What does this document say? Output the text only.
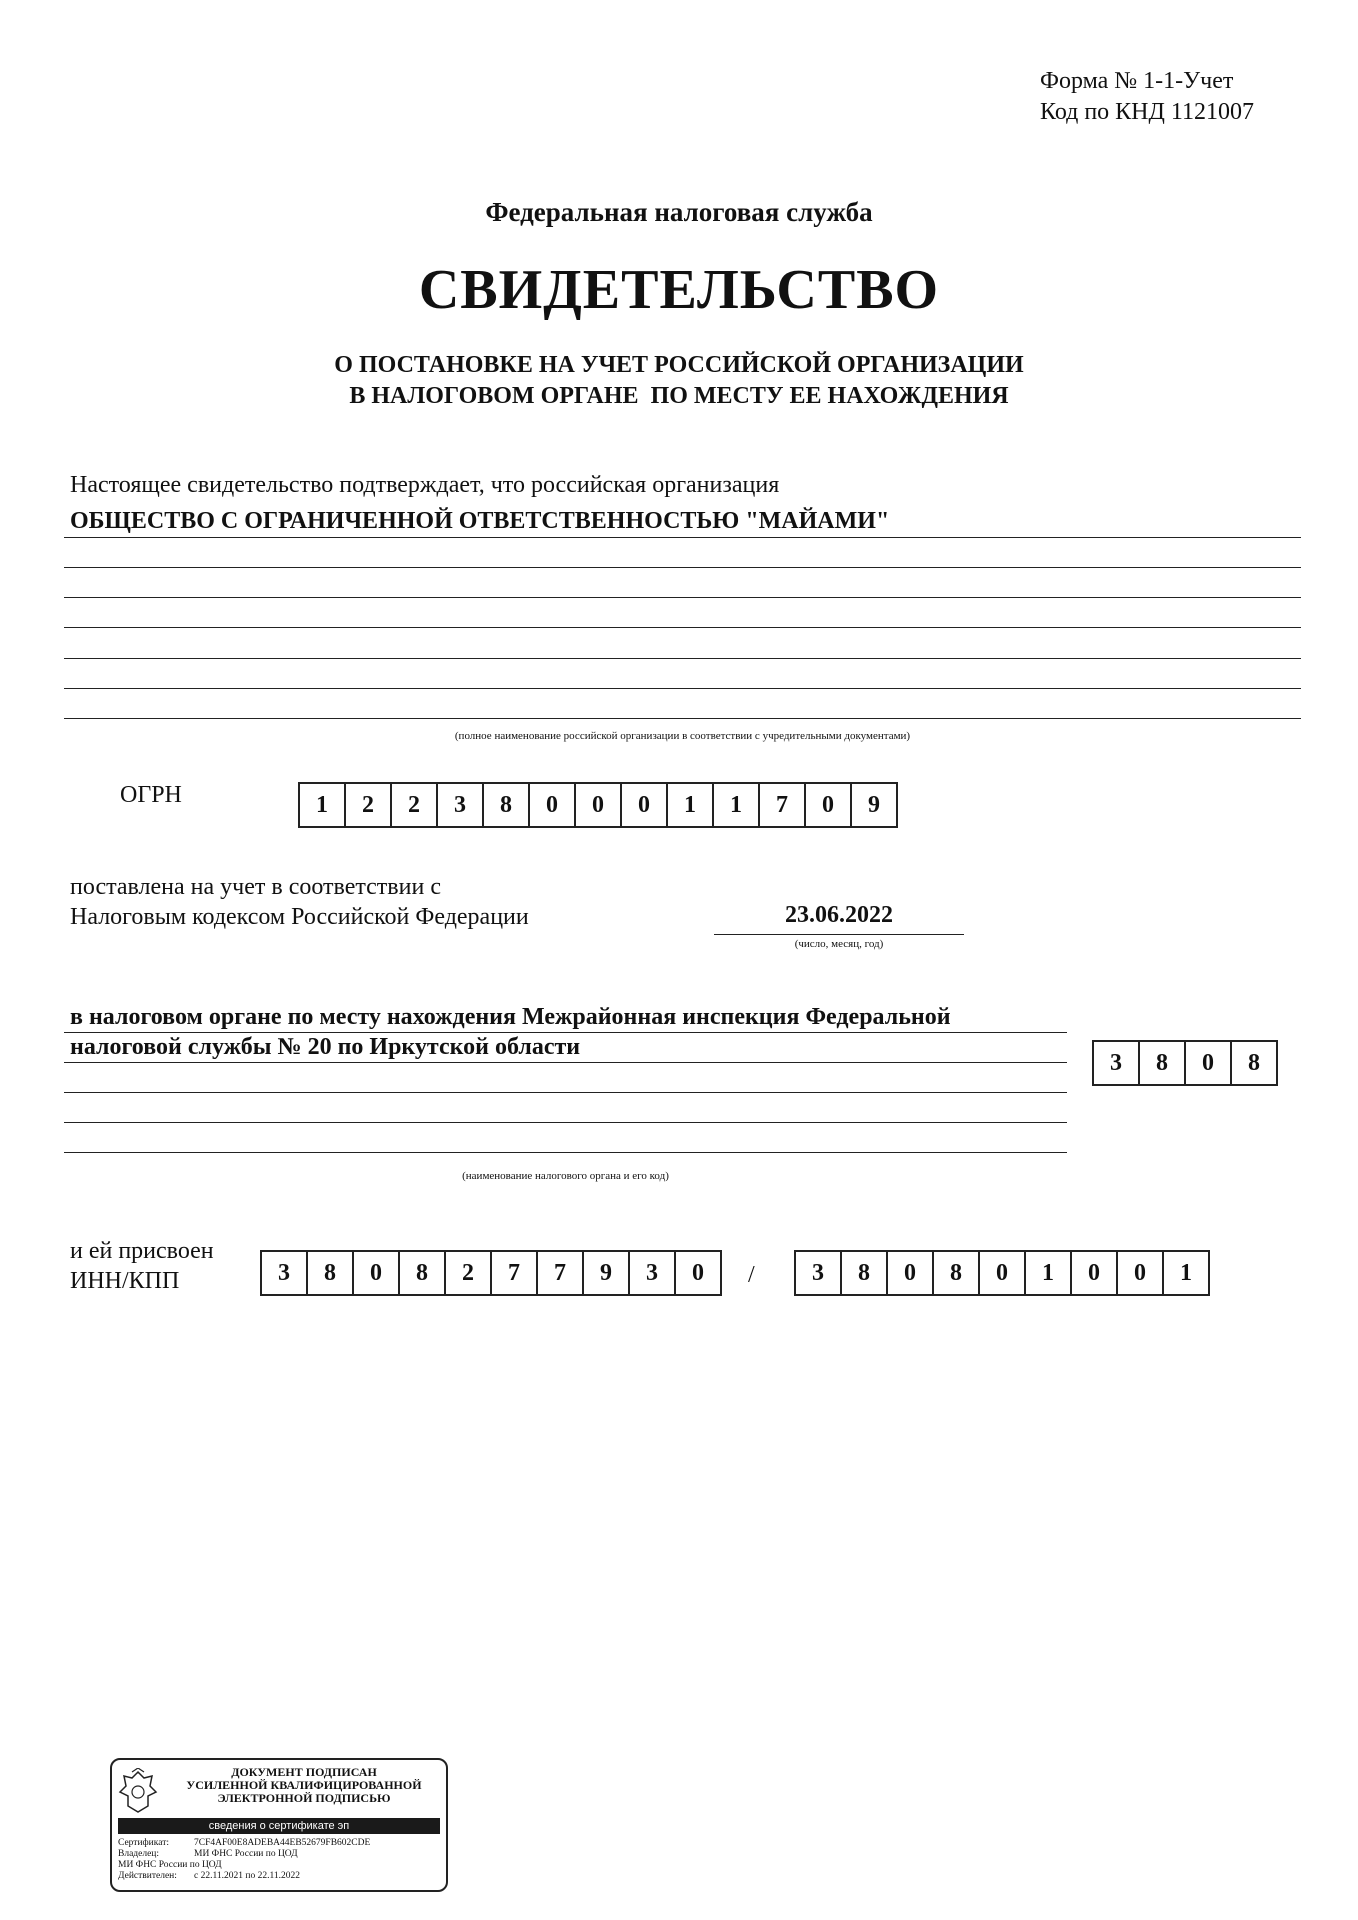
Форма № 1-1-Учет
Код по КНД 1121007
Федеральная налоговая служба
СВИДЕТЕЛЬСТВО
О ПОСТАНОВКЕ НА УЧЕТ РОССИЙСКОЙ ОРГАНИЗАЦИИ
В НАЛОГОВОМ ОРГАНЕ  ПО МЕСТУ ЕЕ НАХОЖДЕНИЯ
Настоящее свидетельство подтверждает, что российская организация
ОБЩЕСТВО С ОГРАНИЧЕННОЙ ОТВЕТСТВЕННОСТЬЮ "МАЙАМИ"
(полное наименование российской организации в соответствии с учредительными документами)
ОГРН	1	2	2	3	8	0	0	0	1	1	7	0	9
поставлена на учет в соответствии с
Налоговым кодексом Российской Федерации	23.06.2022
(число, месяц, год)
в налоговом органе по месту нахождения Межрайонная инспекция Федеральной
налоговой службы № 20 по Иркутской области
(наименование налогового органа и его код)
3	8	0	8
и ей присвоен
ИНН/КПП	3	8	0	8	2	7	7	9	3	0	/	3	8	0	8	0	1	0	0	1
ДОКУМЕНТ ПОДПИСАН
УСИЛЕННОЙ КВАЛИФИЦИРОВАННОЙ
ЭЛЕКТРОННОЙ ПОДПИСЬЮ
сведения о сертификате эп
Сертификат:	7CF4AF00E8ADEBA44EB52679FB602CDE
Владелец:	МИ ФНС России по ЦОД
МИ ФНС России по ЦОД
Действителен:	с 22.11.2021 по 22.11.2022
